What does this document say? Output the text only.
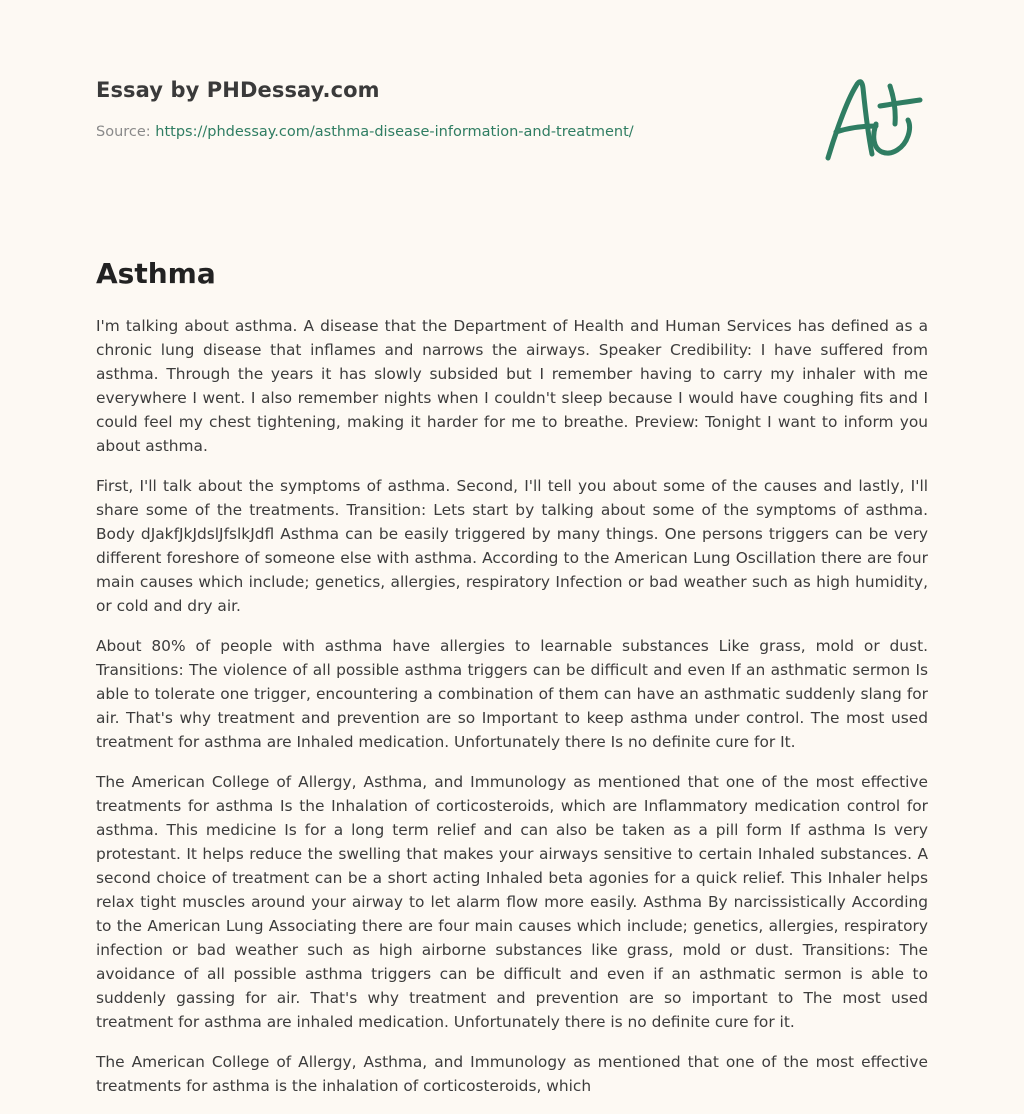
Essay by PHDessay.com
Source: https://phdessay.com/asthma-disease-information-and-treatment/
Asthma

I'm talking about asthma. A disease that the Department of Health and Human Services has defined as a chronic lung disease that inflames and narrows the airways. Speaker Credibility: I have suffered from asthma. Through the years it has slowly subsided but I remember having to carry my inhaler with me everywhere I went. I also remember nights when I couldn't sleep because I would have coughing fits and I could feel my chest tightening, making it harder for me to breathe. Preview: Tonight I want to inform you about asthma.

First, I'll talk about the symptoms of asthma. Second, I'll tell you about some of the causes and lastly, I'll share some of the treatments. Transition: Lets start by talking about some of the symptoms of asthma. Body dJakfJkJdslJfslkJdfl Asthma can be easily triggered by many things. One persons triggers can be very different foreshore of someone else with asthma. According to the American Lung Oscillation there are four main causes which include; genetics, allergies, respiratory Infection or bad weather such as high humidity, or cold and dry air.

About 80% of people with asthma have allergies to learnable substances Like grass, mold or dust. Transitions: The violence of all possible asthma triggers can be difficult and even If an asthmatic sermon Is able to tolerate one trigger, encountering a combination of them can have an asthmatic suddenly slang for air. That's why treatment and prevention are so Important to keep asthma under control. The most used treatment for asthma are Inhaled medication. Unfortunately there Is no definite cure for It.

The American College of Allergy, Asthma, and Immunology as mentioned that one of the most effective treatments for asthma Is the Inhalation of corticosteroids, which are Inflammatory medication control for asthma. This medicine Is for a long term relief and can also be taken as a pill form If asthma Is very protestant. It helps reduce the swelling that makes your airways sensitive to certain Inhaled substances. A second choice of treatment can be a short acting Inhaled beta agonies for a quick relief. This Inhaler helps relax tight muscles around your airway to let alarm flow more easily. Asthma By narcissistically According to the American Lung Associating there are four main causes which include; genetics, allergies, respiratory infection or bad weather such as high airborne substances like grass, mold or dust. Transitions: The avoidance of all possible asthma triggers can be difficult and even if an asthmatic sermon is able to suddenly gassing for air. That's why treatment and prevention are so important to The most used treatment for asthma are inhaled medication. Unfortunately there is no definite cure for it.

The American College of Allergy, Asthma, and Immunology as mentioned that one of the most effective treatments for asthma is the inhalation of corticosteroids, which
